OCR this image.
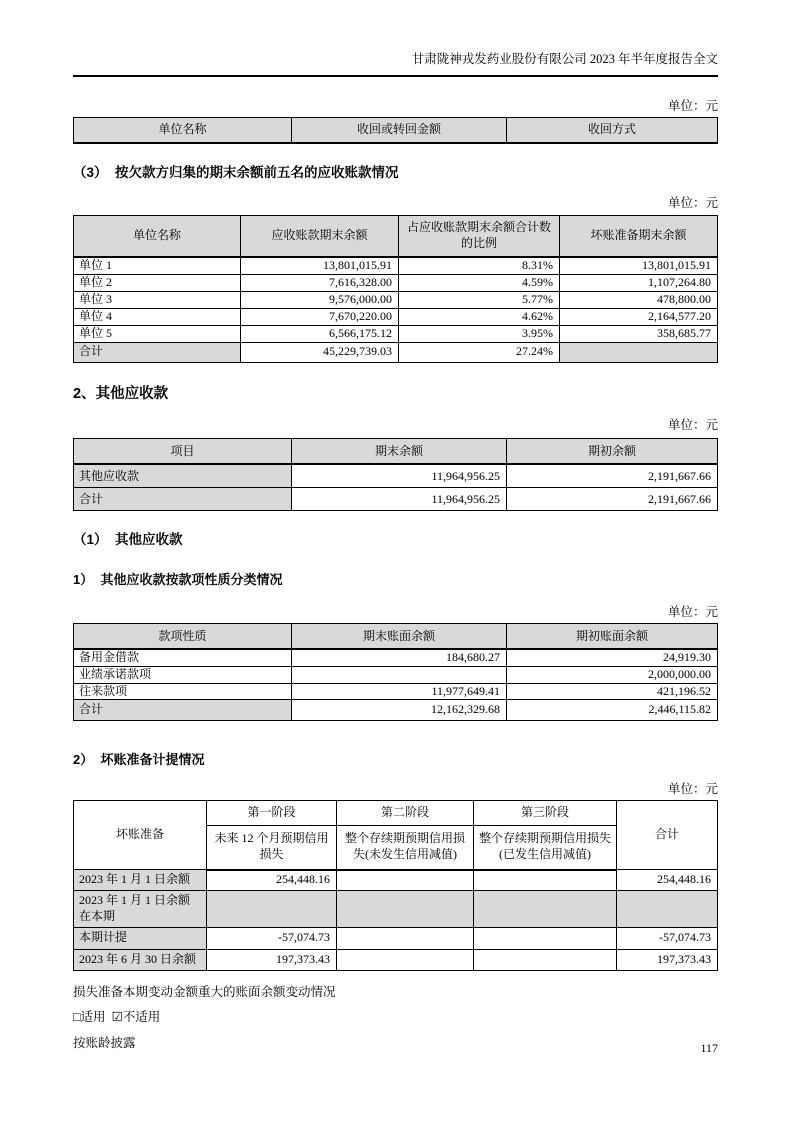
甘肃陇神戎发药业股份有限公司 2023 年半年度报告全文
单位：元
单位名称	收回或转回金额	收回方式
（3）  按欠款方归集的期末余额前五名的应收账款情况
单位：元
单位名称	应收账款期末余额	占应收账款期末余额合计数的比例	坏账准备期末余额
单位 1	13,801,015.91	8.31%	13,801,015.91
单位 2	7,616,328.00	4.59%	1,107,264.80
单位 3	9,576,000.00	5.77%	478,800.00
单位 4	7,670,220.00	4.62%	2,164,577.20
单位 5	6,566,175.12	3.95%	358,685.77
合计	45,229,739.03	27.24%	
2、其他应收款
单位：元
项目	期末余额	期初余额
其他应收款	11,964,956.25	2,191,667.66
合计	11,964,956.25	2,191,667.66
（1）  其他应收款
1）  其他应收款按款项性质分类情况
单位：元
款项性质	期末账面余额	期初账面余额
备用金借款	184,680.27	24,919.30
业绩承诺款项		2,000,000.00
往来款项	11,977,649.41	421,196.52
合计	12,162,329.68	2,446,115.82
2）  坏账准备计提情况
单位：元
坏账准备	第一阶段	第二阶段	第三阶段	合计
	未来 12 个月预期信用损失	整个存续期预期信用损失(未发生信用减值)	整个存续期预期信用损失(已发生信用减值)	
2023 年 1 月 1 日余额	254,448.16			254,448.16
2023 年 1 月 1 日余额在本期				
本期计提	-57,074.73			-57,074.73
2023 年 6 月 30 日余额	197,373.43			197,373.43
损失准备本期变动金额重大的账面余额变动情况
□适用 ☑不适用
按账龄披露	117
